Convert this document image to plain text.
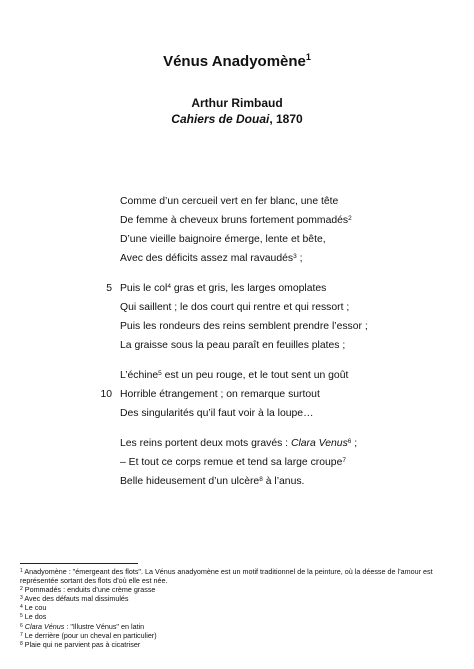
Vénus Anadyomène$^1$
Arthur Rimbaud
Cahiers de Douai, 1870
Comme d’un cercueil vert en fer blanc, une tête
De femme à cheveux bruns fortement pommadés$^2$
D’une vieille baignoire émerge, lente et bête,
Avec des déficits assez mal ravaudés$^3$ ;
5 Puis le col$^4$ gras et gris, les larges omoplates
Qui saillent ; le dos court qui rentre et qui ressort ;
Puis les rondeurs des reins semblent prendre l’essor ;
La graisse sous la peau paraît en feuilles plates ;
L’échine$^5$ est un peu rouge, et le tout sent un goût
10 Horrible étrangement ; on remarque surtout
Des singularités qu’il faut voir à la loupe…
Les reins portent deux mots gravés : Clara Venus$^6$ ;
– Et tout ce corps remue et tend sa large croupe$^7$
Belle hideusement d’un ulcère$^8$ à l’anus.
$^1$ Anadyomène : "émergeant des flots". La Vénus anadyomène est un motif traditionnel de la peinture, où la déesse de l’amour est représentée sortant des flots d’où elle est née.
$^2$ Pommadés : enduits d’une crème grasse
$^3$ Avec des défauts mal dissimulés
$^4$ Le cou
$^5$ Le dos
$^6$ Clara Vénus : "Illustre Vénus" en latin
$^7$ Le derrière (pour un cheval en particulier)
$^8$ Plaie qui ne parvient pas à cicatriser
